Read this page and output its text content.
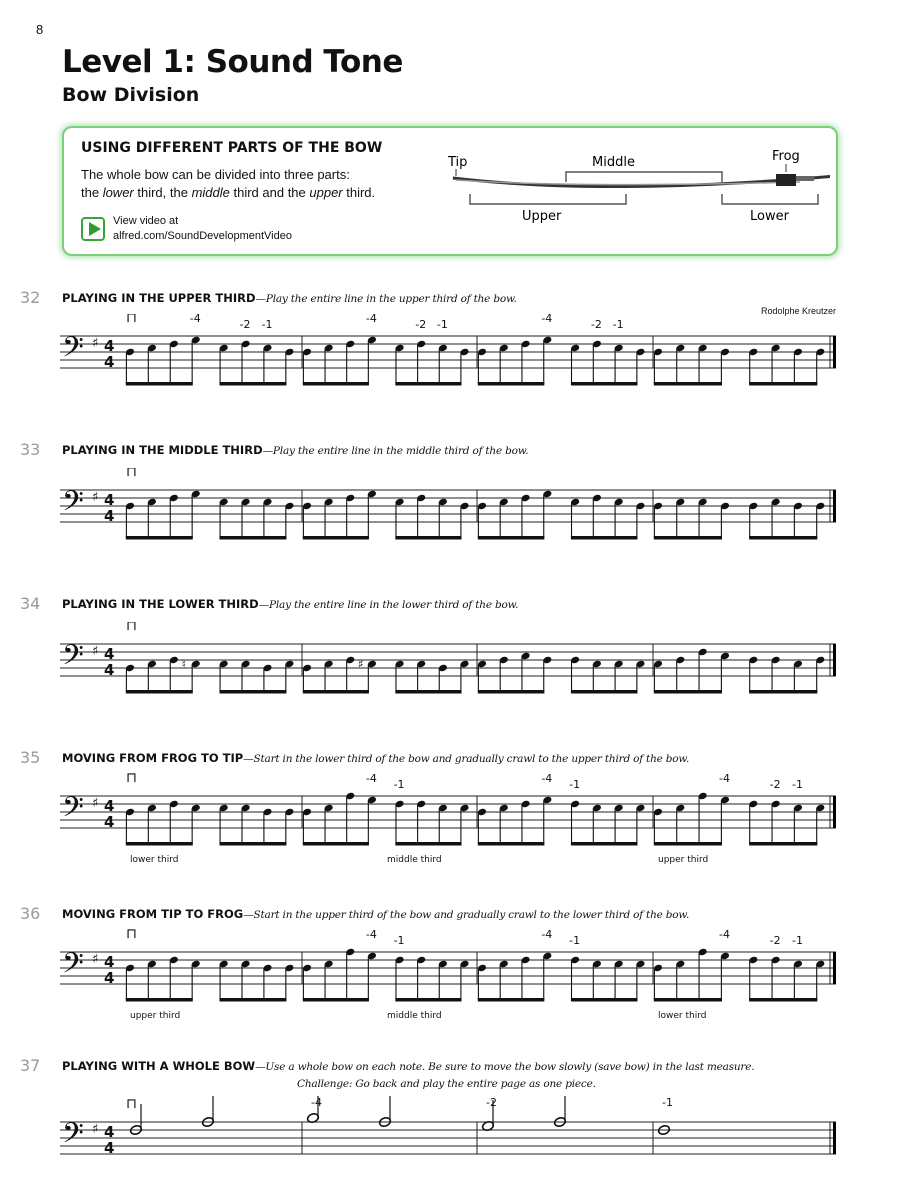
8
Level 1: Sound Tone
Bow Division
USING DIFFERENT PARTS OF THE BOW
The whole bow can be divided into three parts:
the lower third, the middle third and the upper third.
View video at
alfred.com/SoundDevelopmentVideo
Tip	Middle	Frog
Upper	Lower
32 PLAYING IN THE UPPER THIRD—Play the entire line in the upper third of the bow.
Rodolphe Kreutzer
𝄢 ♯ 4
4
⊓	-4	-2 -1	-4	-2 -1	-4	-2 -1
33 PLAYING IN THE MIDDLE THIRD—Play the entire line in the middle third of the bow.
𝄢 ♯ 4
4
⊓
34 PLAYING IN THE LOWER THIRD—Play the entire line in the lower third of the bow.
𝄢 ♯ 4
4
⊓
♮	♯
35 MOVING FROM FROG TO TIP—Start in the lower third of the bow and gradually crawl to the upper third of the bow.
𝄢 ♯ 4
4
⊓	-4 -1	-4 -1	-4	-2 -1
lower third	middle third	upper third
36 MOVING FROM TIP TO FROG—Start in the upper third of the bow and gradually crawl to the lower third of the bow.
𝄢 ♯ 4
4
⊓	-4 -1	-4 -1	-4	-2 -1
upper third	middle third	lower third
37 PLAYING WITH A WHOLE BOW—Use a whole bow on each note. Be sure to move the bow slowly (save bow) in the last measure.
Challenge: Go back and play the entire page as one piece.
𝄢 ♯ 4
4
⊓	-4	-2	-1
